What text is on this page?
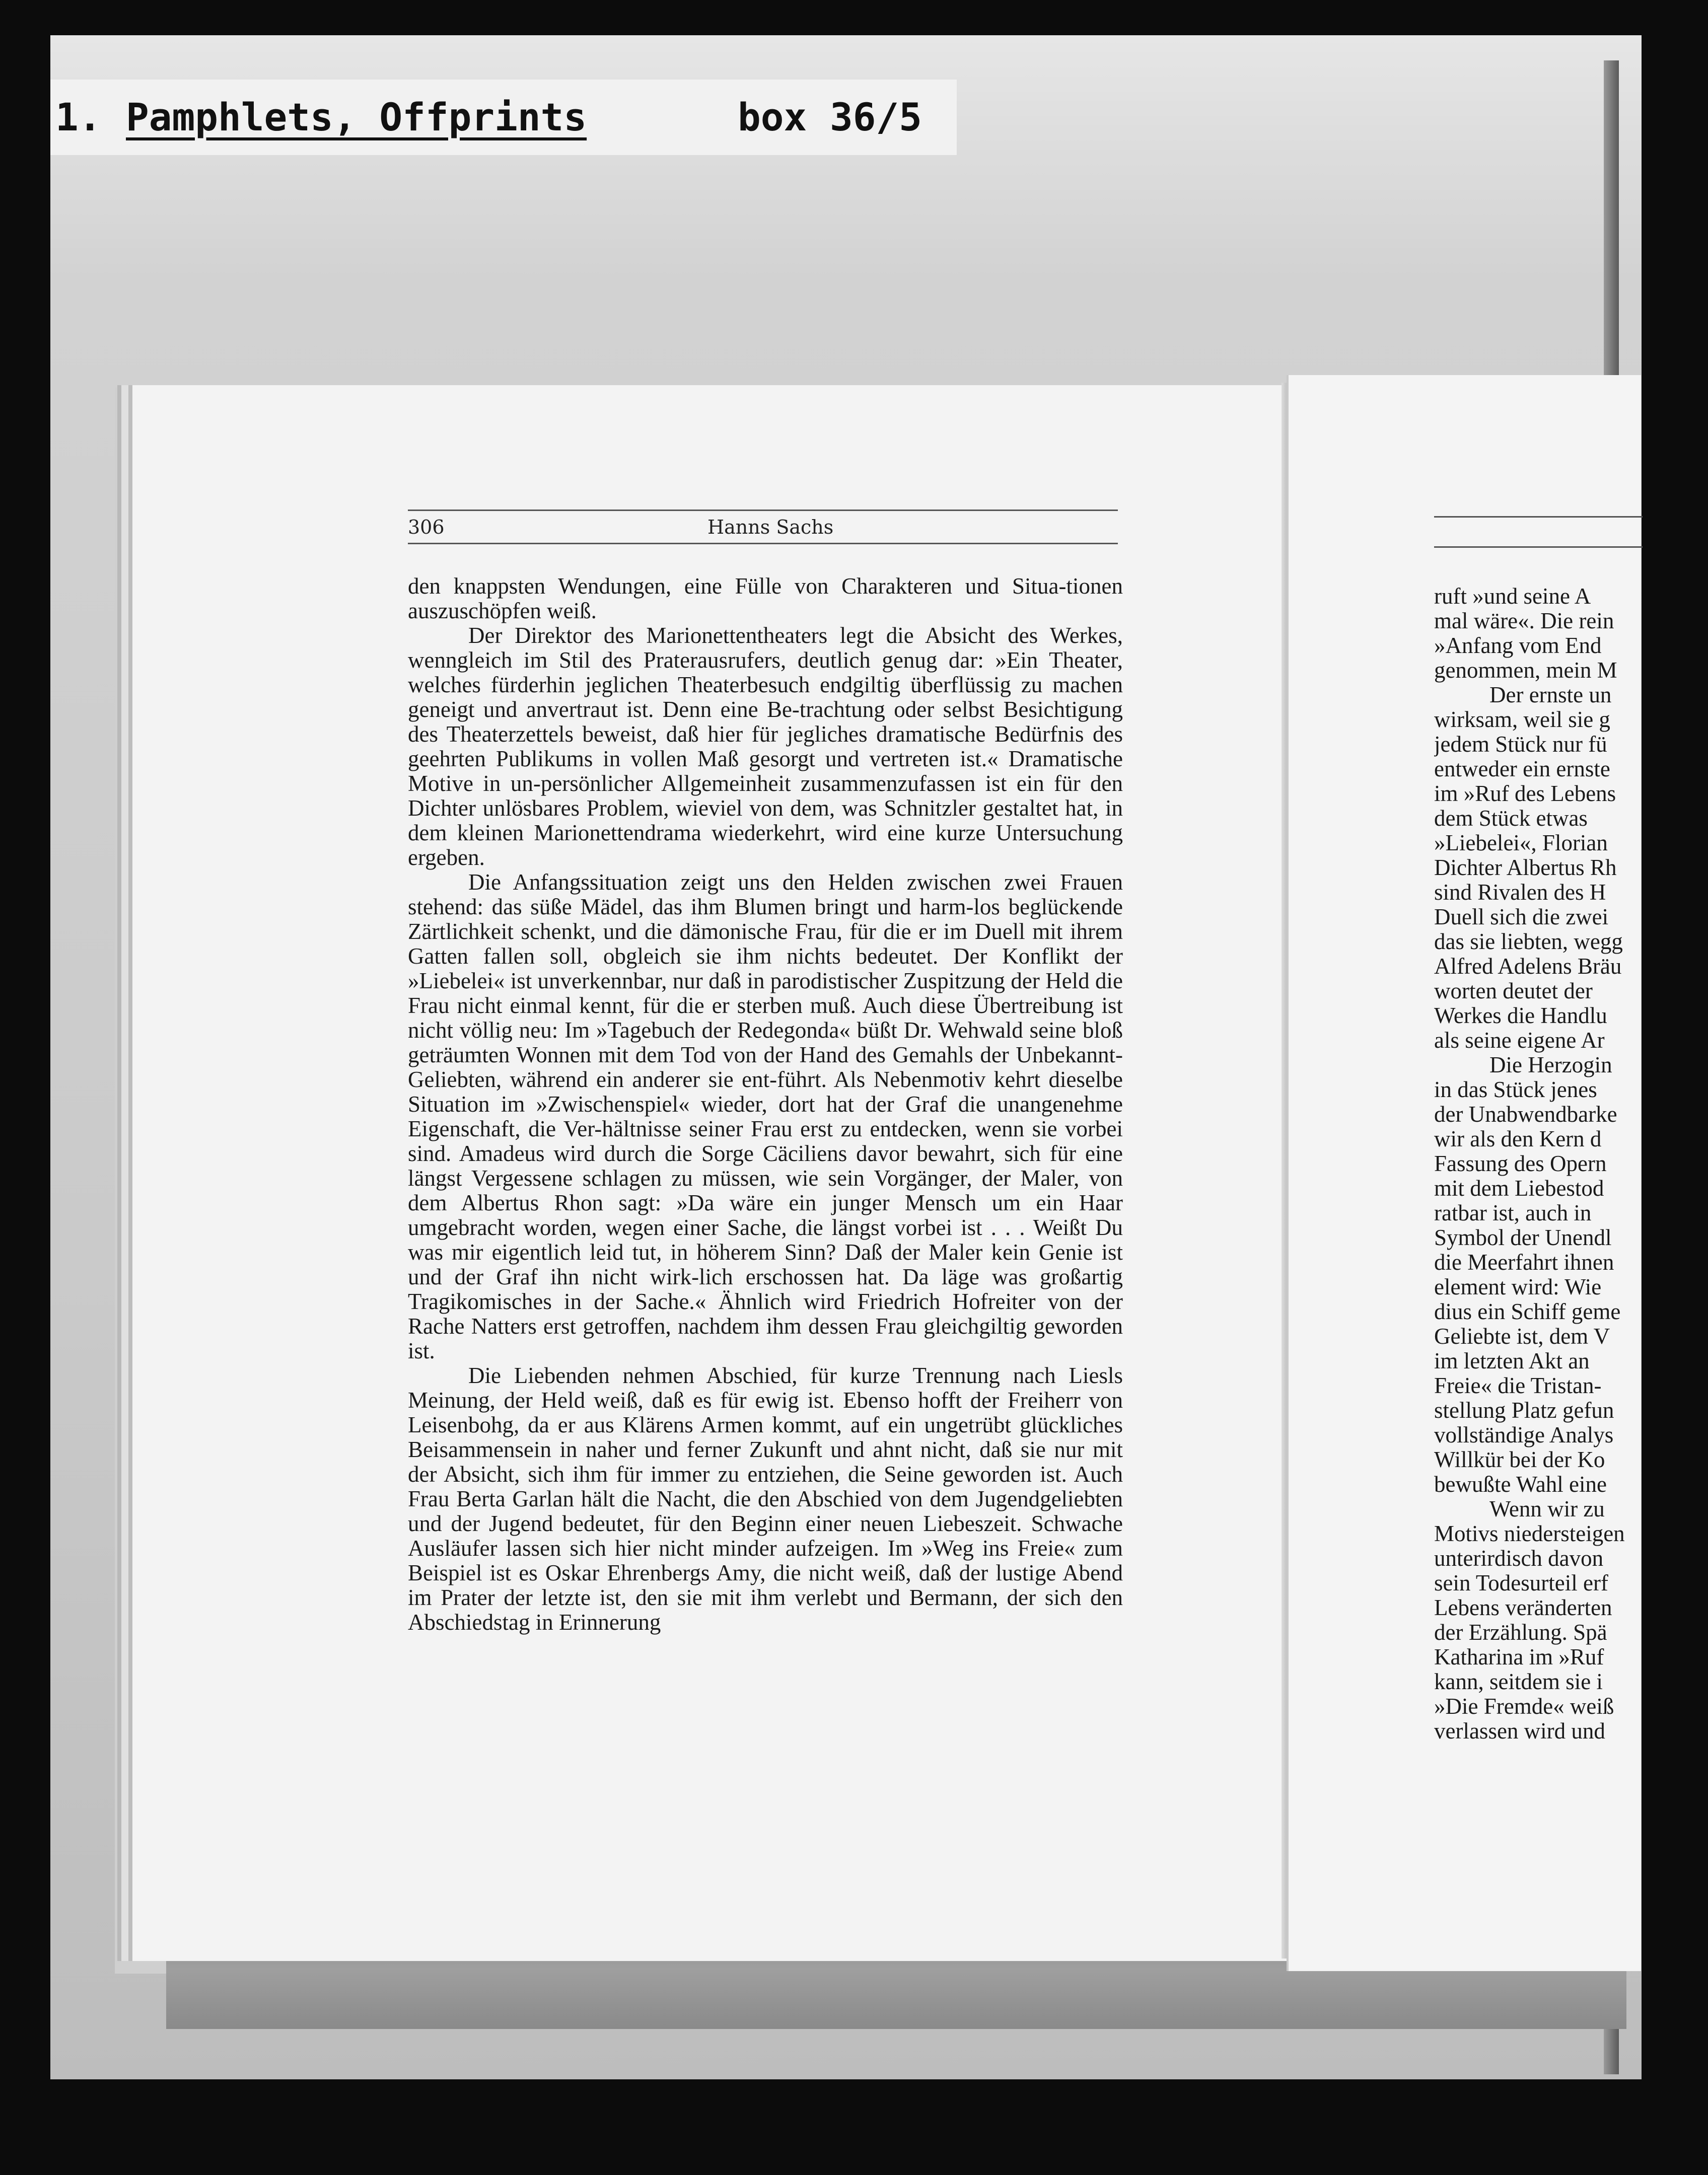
1. Pamphlets, Offprints	box 36/5
306	Hanns Sachs

den knappsten Wendungen, eine Fülle von Charakteren und Situa-tionen auszuschöpfen weiß.

Der Direktor des Marionettentheaters legt die Absicht des Werkes, wenngleich im Stil des Praterausrufers, deutlich genug dar: »Ein Theater, welches fürderhin jeglichen Theaterbesuch endgiltig überflüssig zu machen geneigt und anvertraut ist. Denn eine Be-trachtung oder selbst Besichtigung des Theaterzettels beweist, daß hier für jegliches dramatische Bedürfnis des geehrten Publikums in vollen Maß gesorgt und vertreten ist.« Dramatische Motive in un-persönlicher Allgemeinheit zusammenzufassen ist ein für den Dichter unlösbares Problem, wieviel von dem, was Schnitzler gestaltet hat, in dem kleinen Marionettendrama wiederkehrt, wird eine kurze Untersuchung ergeben.

Die Anfangssituation zeigt uns den Helden zwischen zwei Frauen stehend: das süße Mädel, das ihm Blumen bringt und harm-los beglückende Zärtlichkeit schenkt, und die dämonische Frau, für die er im Duell mit ihrem Gatten fallen soll, obgleich sie ihm nichts bedeutet. Der Konflikt der »Liebelei« ist unverkennbar, nur daß in parodistischer Zuspitzung der Held die Frau nicht einmal kennt, für die er sterben muß. Auch diese Übertreibung ist nicht völlig neu: Im »Tagebuch der Redegonda« büßt Dr. Wehwald seine bloß geträumten Wonnen mit dem Tod von der Hand des Gemahls der Unbekannt-Geliebten, während ein anderer sie ent-führt. Als Nebenmotiv kehrt dieselbe Situation im »Zwischenspiel« wieder, dort hat der Graf die unangenehme Eigenschaft, die Ver-hältnisse seiner Frau erst zu entdecken, wenn sie vorbei sind. Amadeus wird durch die Sorge Cäciliens davor bewahrt, sich für eine längst Vergessene schlagen zu müssen, wie sein Vorgänger, der Maler, von dem Albertus Rhon sagt: »Da wäre ein junger Mensch um ein Haar umgebracht worden, wegen einer Sache, die längst vorbei ist . . . Weißt Du was mir eigentlich leid tut, in höherem Sinn? Daß der Maler kein Genie ist und der Graf ihn nicht wirk-lich erschossen hat. Da läge was großartig Tragikomisches in der Sache.« Ähnlich wird Friedrich Hofreiter von der Rache Natters erst getroffen, nachdem ihm dessen Frau gleichgiltig geworden ist.

Die Liebenden nehmen Abschied, für kurze Trennung nach Liesls Meinung, der Held weiß, daß es für ewig ist. Ebenso hofft der Freiherr von Leisenbohg, da er aus Klärens Armen kommt, auf ein ungetrübt glückliches Beisammensein in naher und ferner Zukunft und ahnt nicht, daß sie nur mit der Absicht, sich ihm für immer zu entziehen, die Seine geworden ist. Auch Frau Berta Garlan hält die Nacht, die den Abschied von dem Jugendgeliebten und der Jugend bedeutet, für den Beginn einer neuen Liebeszeit. Schwache Ausläufer lassen sich hier nicht minder aufzeigen. Im »Weg ins Freie« zum Beispiel ist es Oskar Ehrenbergs Amy, die nicht weiß, daß der lustige Abend im Prater der letzte ist, den sie mit ihm verlebt und Bermann, der sich den Abschiedstag in Erinnerung

ruft »und seine A
mal wäre«. Die rein
»Anfang vom End
genommen, mein M
Der ernste un
wirksam, weil sie g
jedem Stück nur fü
entweder ein ernste
im »Ruf des Lebens
dem Stück etwas
»Liebelei«, Florian
Dichter Albertus Rh
sind Rivalen des H
Duell sich die zwei
das sie liebten, wegg
Alfred Adelens Bräu
worten deutet der
Werkes die Handlu
als seine eigene Ar
Die Herzogin
in das Stück jenes
der Unabwendbarke
wir als den Kern d
Fassung des Opern
mit dem Liebestod
ratbar ist, auch in
Symbol der Unendl
die Meerfahrt ihnen
element wird: Wie
dius ein Schiff geme
Geliebte ist, dem V
im letzten Akt an
Freie« die Tristan-
stellung Platz gefun
vollständige Analys
Willkür bei der Ko
bewußte Wahl eine
Wenn wir zu
Motivs niedersteigen
unterirdisch davon
sein Todesurteil erf
Lebens veränderten
der Erzählung. Spä
Katharina im »Ruf
kann, seitdem sie i
»Die Fremde« weiß
verlassen wird und
